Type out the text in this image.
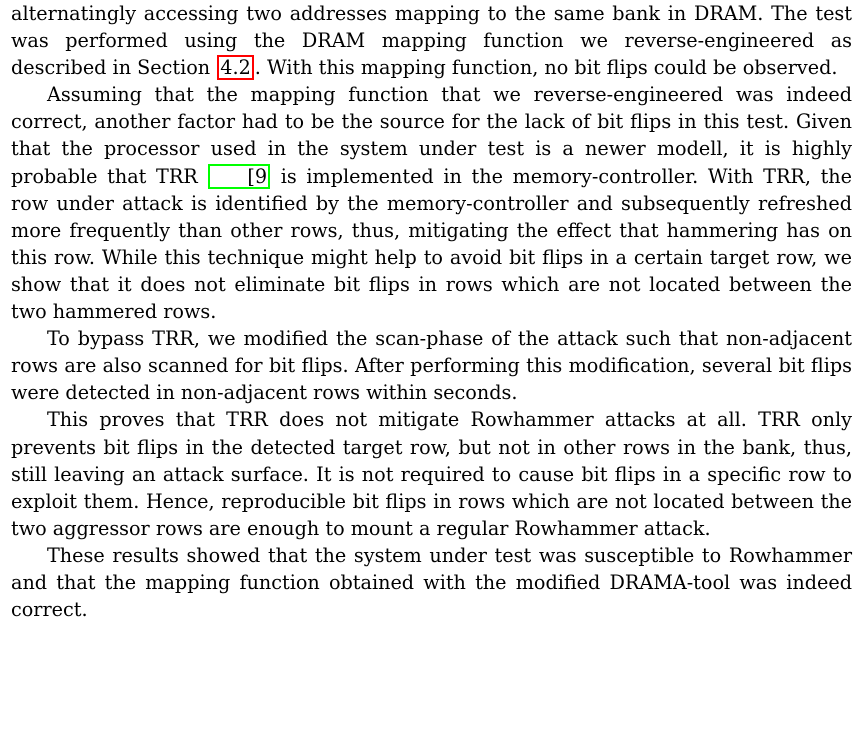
alternatingly accessing two addresses mapping to the same bank in DRAM. The test was performed using the DRAM mapping function we reverse-engineered as described in Section 4.2 . With this mapping function, no bit flips could be observed.

Assuming that the mapping function that we reverse-engineered was indeed correct, another factor had to be the source for the lack of bit flips in this test. Given that the processor used in the system under test is a newer modell, it is highly probable that TRR [9 is implemented in the memory-controller. With TRR, the row under attack is identified by the memory-controller and subsequently refreshed more frequently than other rows, thus, mitigating the effect that hammering has on this row. While this technique might help to avoid bit flips in a certain target row, we show that it does not eliminate bit flips in rows which are not located between the two hammered rows.

To bypass TRR, we modified the scan-phase of the attack such that non-adjacent rows are also scanned for bit flips. After performing this modification, several bit flips were detected in non-adjacent rows within seconds.

This proves that TRR does not mitigate Rowhammer attacks at all. TRR only prevents bit flips in the detected target row, but not in other rows in the bank, thus, still leaving an attack surface. It is not required to cause bit flips in a specific row to exploit them. Hence, reproducible bit flips in rows which are not located between the two aggressor rows are enough to mount a regular Rowhammer attack.

These results showed that the system under test was susceptible to Rowhammer and that the mapping function obtained with the modified DRAMA-tool was indeed correct.
